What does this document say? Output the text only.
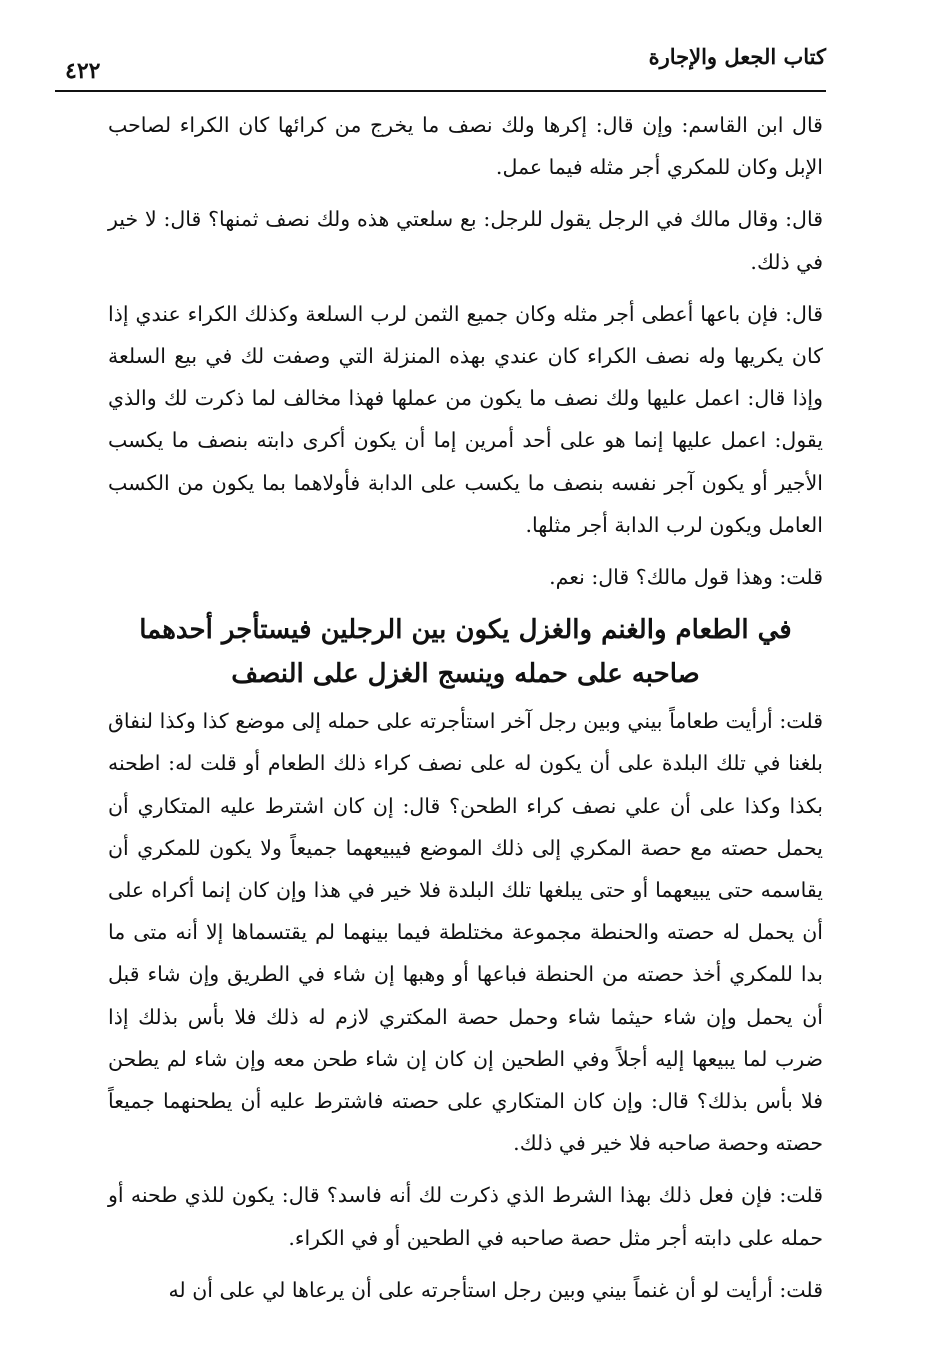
كتاب الجعل والإجارة
٤٢٢

قال ابن القاسم: وإن قال: إكرها ولك نصف ما يخرج من كرائها كان الكراء لصاحب الإبل وكان للمكري أجر مثله فيما عمل.

قال: وقال مالك في الرجل يقول للرجل: بع سلعتي هذه ولك نصف ثمنها؟ قال: لا خير في ذلك.

قال: فإن باعها أعطى أجر مثله وكان جميع الثمن لرب السلعة وكذلك الكراء عندي إذا كان يكريها وله نصف الكراء كان عندي بهذه المنزلة التي وصفت لك في بيع السلعة وإذا قال: اعمل عليها ولك نصف ما يكون من عملها فهذا مخالف لما ذكرت لك والذي يقول: اعمل عليها إنما هو على أحد أمرين إما أن يكون أكرى دابته بنصف ما يكسب الأجير أو يكون آجر نفسه بنصف ما يكسب على الدابة فأولاهما بما يكون من الكسب العامل ويكون لرب الدابة أجر مثلها.

قلت: وهذا قول مالك؟ قال: نعم.

في الطعام والغنم والغزل يكون بين الرجلين فيستأجر أحدهما صاحبه على حمله وينسج الغزل على النصف

قلت: أرأيت طعاماً بيني وبين رجل آخر استأجرته على حمله إلى موضع كذا وكذا لنفاق بلغنا في تلك البلدة على أن يكون له على نصف كراء ذلك الطعام أو قلت له: اطحنه بكذا وكذا على أن علي نصف كراء الطحن؟ قال: إن كان اشترط عليه المتكاري أن يحمل حصته مع حصة المكري إلى ذلك الموضع فيبيعهما جميعاً ولا يكون للمكري أن يقاسمه حتى يبيعهما أو حتى يبلغها تلك البلدة فلا خير في هذا وإن كان إنما أكراه على أن يحمل له حصته والحنطة مجموعة مختلطة فيما بينهما لم يقتسماها إلا أنه متى ما بدا للمكري أخذ حصته من الحنطة فباعها أو وهبها إن شاء في الطريق وإن شاء قبل أن يحمل وإن شاء حيثما شاء وحمل حصة المكتري لازم له ذلك فلا بأس بذلك إذا ضرب لما يبيعها إليه أجلاً وفي الطحين إن كان إن شاء طحن معه وإن شاء لم يطحن فلا بأس بذلك؟ قال: وإن كان المتكاري على حصته فاشترط عليه أن يطحنهما جميعاً حصته وحصة صاحبه فلا خير في ذلك.

قلت: فإن فعل ذلك بهذا الشرط الذي ذكرت لك أنه فاسد؟ قال: يكون للذي طحنه أو حمله على دابته أجر مثل حصة صاحبه في الطحين أو في الكراء.

قلت: أرأيت لو أن غنماً بيني وبين رجل استأجرته على أن يرعاها لي على أن له
